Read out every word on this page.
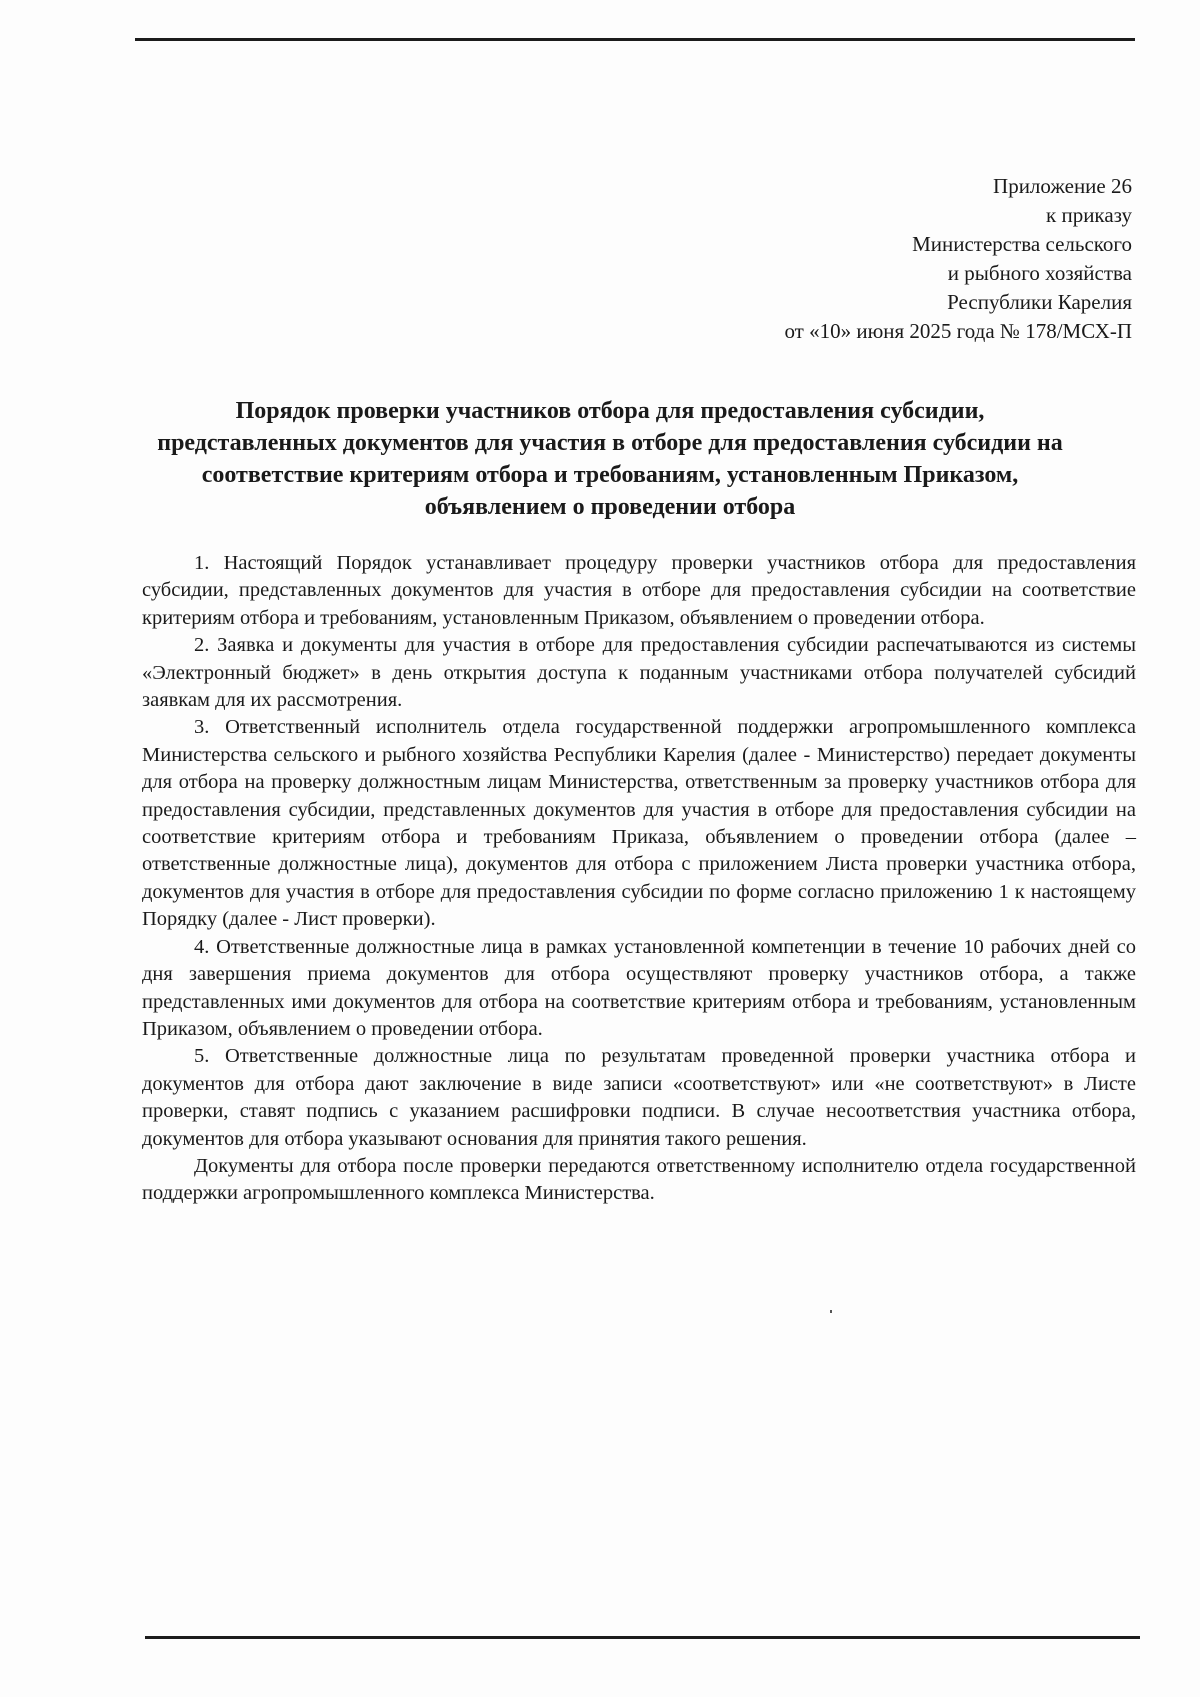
Приложение 26
к приказу
Министерства сельского
и рыбного хозяйства
Республики Карелия
от «10» июня 2025 года № 178/МСХ-П
Порядок проверки участников отбора для предоставления субсидии, представленных документов для участия в отборе для предоставления субсидии на соответствие критериям отбора и требованиям, установленным Приказом, объявлением о проведении отбора

1. Настоящий Порядок устанавливает процедуру проверки участников отбора для предоставления субсидии, представленных документов для участия в отборе для предоставления субсидии на соответствие критериям отбора и требованиям, установленным Приказом, объявлением о проведении отбора.

2. Заявка и документы для участия в отборе для предоставления субсидии распечатываются из системы «Электронный бюджет» в день открытия доступа к поданным участниками отбора получателей субсидий заявкам для их рассмотрения.

3. Ответственный исполнитель отдела государственной поддержки агропромышленного комплекса Министерства сельского и рыбного хозяйства Республики Карелия (далее - Министерство) передает документы для отбора на проверку должностным лицам Министерства, ответственным за проверку участников отбора для предоставления субсидии, представленных документов для участия в отборе для предоставления субсидии на соответствие критериям отбора и требованиям Приказа, объявлением о проведении отбора (далее – ответственные должностные лица), документов для отбора с приложением Листа проверки участника отбора, документов для участия в отборе для предоставления субсидии по форме согласно приложению 1 к настоящему Порядку (далее - Лист проверки).

4. Ответственные должностные лица в рамках установленной компетенции в течение 10 рабочих дней со дня завершения приема документов для отбора осуществляют проверку участников отбора, а также представленных ими документов для отбора на соответствие критериям отбора и требованиям, установленным Приказом, объявлением о проведении отбора.

5. Ответственные должностные лица по результатам проведенной проверки участника отбора и документов для отбора дают заключение в виде записи «соответствуют» или «не соответствуют» в Листе проверки, ставят подпись с указанием расшифровки подписи. В случае несоответствия участника отбора, документов для отбора указывают основания для принятия такого решения.

Документы для отбора после проверки передаются ответственному исполнителю отдела государственной поддержки агропромышленного комплекса Министерства.
